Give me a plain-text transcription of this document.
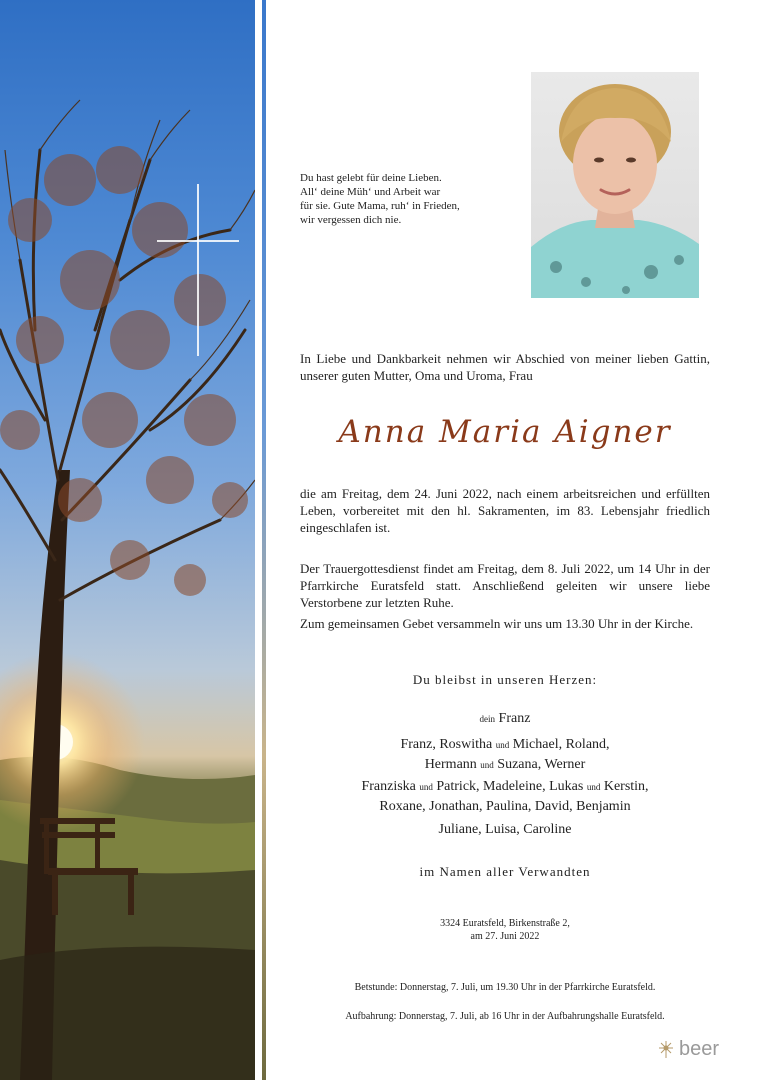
Du hast gelebt für deine Lieben.
All‘ deine Müh‘ und Arbeit war
für sie. Gute Mama, ruh‘ in Frieden,
wir vergessen dich nie.
In Liebe und Dankbarkeit nehmen wir Abschied von meiner lieben Gattin, unserer guten Mutter, Oma und Uroma, Frau
Anna Maria Aigner
die am Freitag, dem 24. Juni 2022, nach einem arbeitsreichen und erfüllten Leben, vorbereitet mit den hl. Sakramenten, im 83. Lebensjahr friedlich eingeschlafen ist.
Der Trauergottesdienst findet am Freitag, dem 8. Juli 2022, um 14 Uhr in der Pfarrkirche Euratsfeld statt. Anschließend geleiten wir unsere liebe Verstorbene zur letzten Ruhe.
Zum gemeinsamen Gebet versammeln wir uns um 13.30 Uhr in der Kirche.
Du bleibst in unseren Herzen:
dein Franz
Franz, Roswitha und Michael, Roland,
Hermann und Suzana, Werner
Franziska und Patrick, Madeleine, Lukas und Kerstin,
Roxane, Jonathan, Paulina, David, Benjamin
Juliane, Luisa, Caroline
im Namen aller Verwandten
3324 Euratsfeld, Birkenstraße 2,
am 27. Juni 2022
Betstunde: Donnerstag, 7. Juli, um 19.30 Uhr in der Pfarrkirche Euratsfeld.
Aufbahrung: Donnerstag, 7. Juli, ab 16 Uhr in der Aufbahrungshalle Euratsfeld.
beer
